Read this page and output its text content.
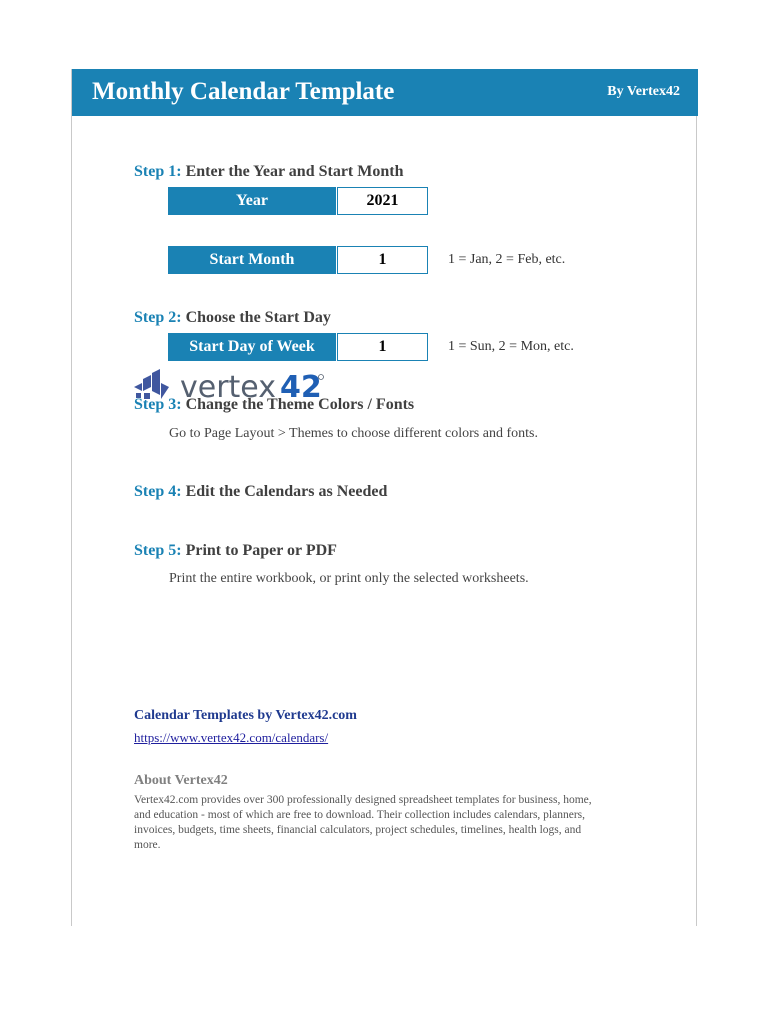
Monthly Calendar Template	By Vertex42
Step 1: Enter the Year and Start Month
Year	2021
Start Month	1	1 = Jan, 2 = Feb, etc.
Step 2: Choose the Start Day
Start Day of Week	1	1 = Sun, 2 = Mon, etc.
vertex 42
Step 3: Change the Theme Colors / Fonts
Go to Page Layout > Themes to choose different colors and fonts.
Step 4: Edit the Calendars as Needed
Step 5: Print to Paper or PDF
Print the entire workbook, or print only the selected worksheets.
Calendar Templates by Vertex42.com
https://www.vertex42.com/calendars/
About Vertex42
Vertex42.com provides over 300 professionally designed spreadsheet templates for business, home, and education - most of which are free to download. Their collection includes calendars, planners, invoices, budgets, time sheets, financial calculators, project schedules, timelines, health logs, and more.
